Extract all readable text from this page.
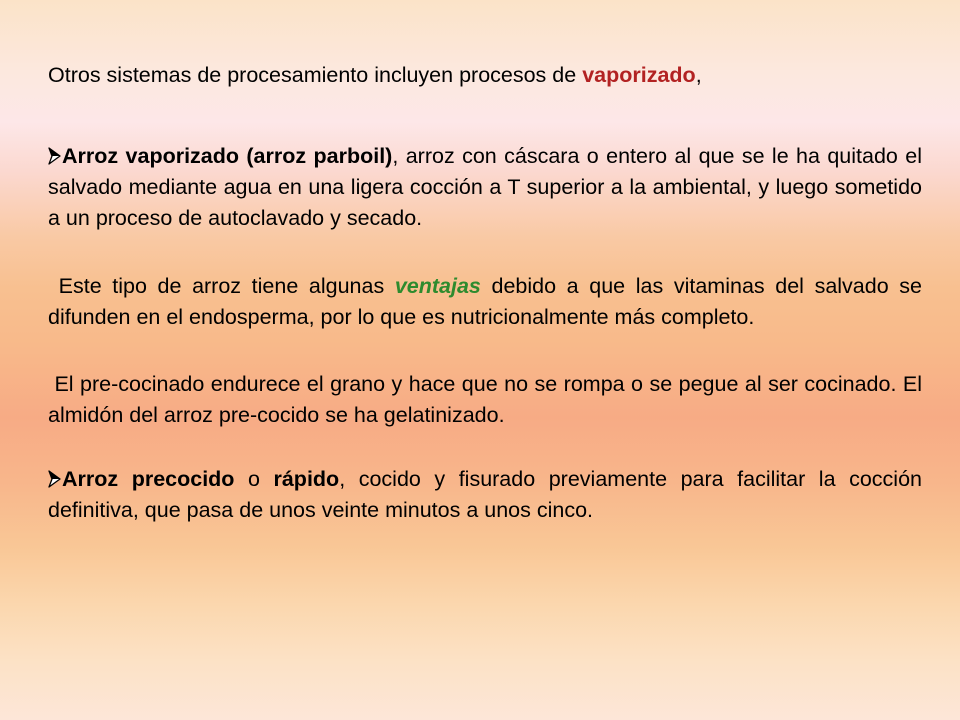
Otros sistemas de procesamiento incluyen procesos de vaporizado,

Arroz vaporizado (arroz parboil), arroz con cáscara o entero al que se le ha quitado el salvado mediante agua en una ligera cocción a T superior a la ambiental, y luego sometido a un proceso de autoclavado y secado.

Este tipo de arroz tiene algunas ventajas debido a que las vitaminas del salvado se difunden en el endosperma, por lo que es nutricionalmente más completo.

El pre-cocinado endurece el grano y hace que no se rompa o se pegue al ser cocinado. El almidón del arroz pre-cocido se ha gelatinizado.

Arroz precocido o rápido, cocido y fisurado previamente para facilitar la cocción definitiva, que pasa de unos veinte minutos a unos cinco.
